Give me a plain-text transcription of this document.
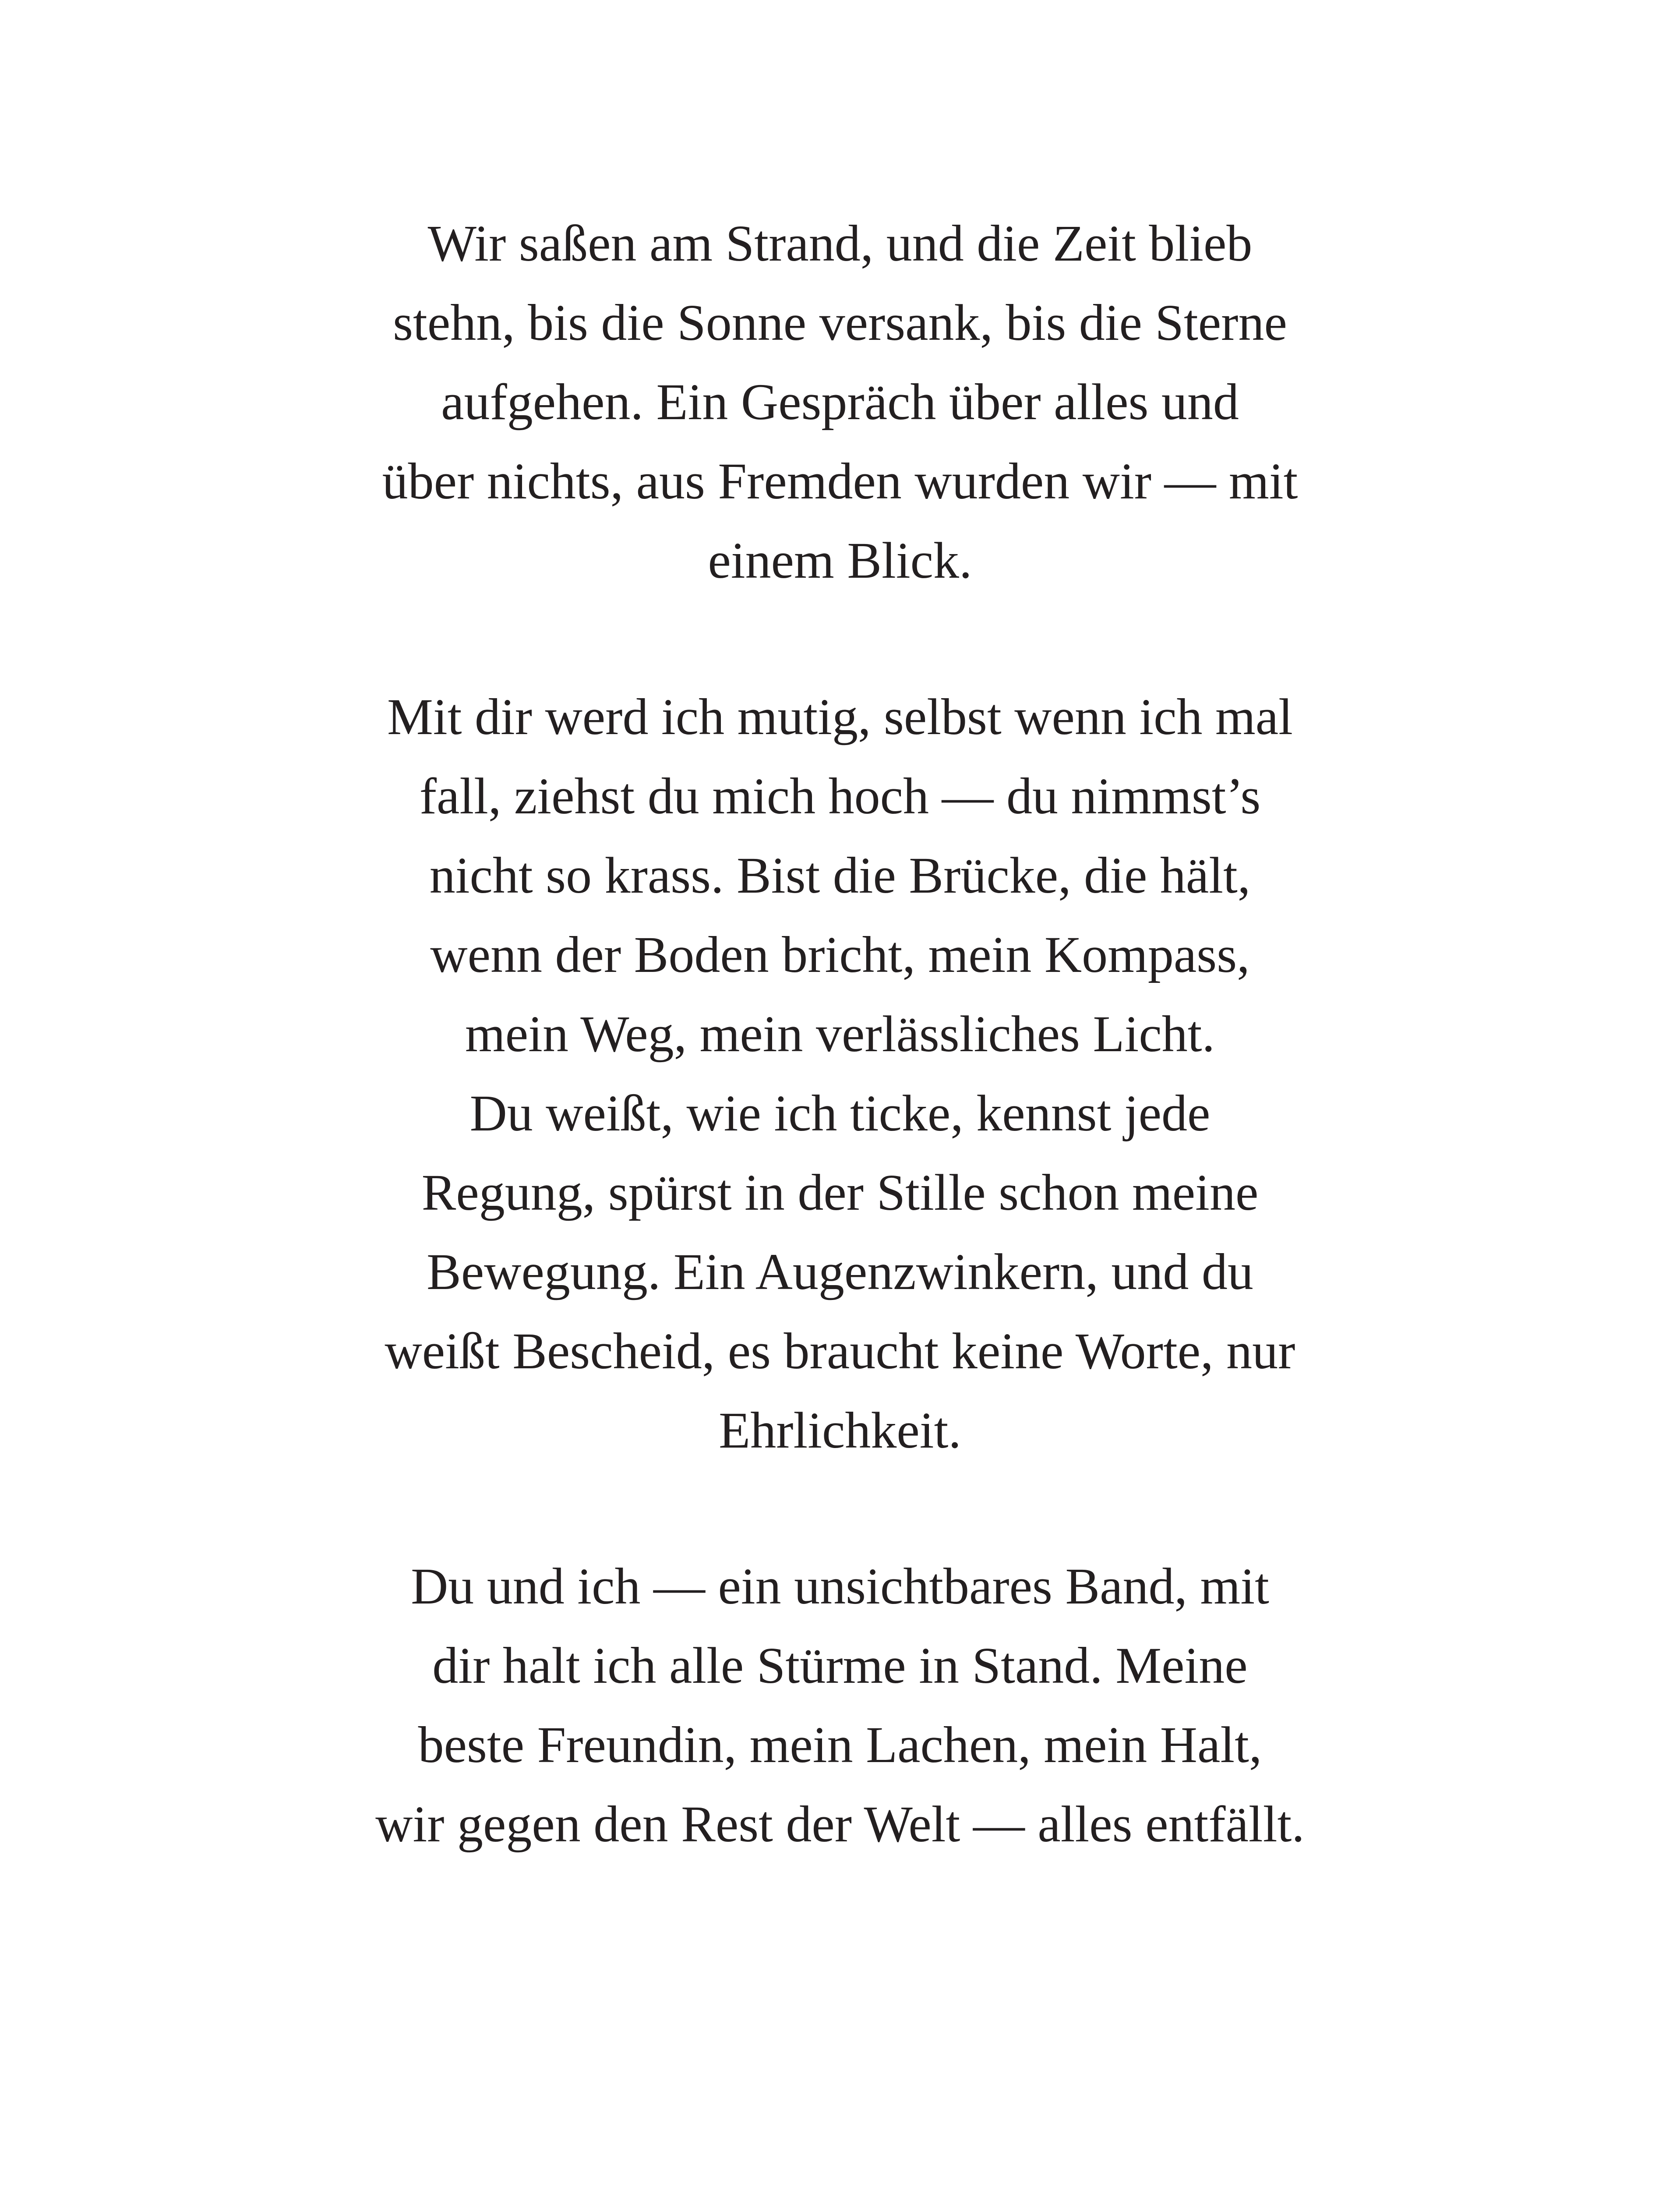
Wir saßen am Strand, und die Zeit blieb
stehn, bis die Sonne versank, bis die Sterne
aufgehen. Ein Gespräch über alles und
über nichts, aus Fremden wurden wir — mit
einem Blick.
Mit dir werd ich mutig, selbst wenn ich mal
fall, ziehst du mich hoch — du nimmst’s
nicht so krass. Bist die Brücke, die hält,
wenn der Boden bricht, mein Kompass,
mein Weg, mein verlässliches Licht.
Du weißt, wie ich ticke, kennst jede
Regung, spürst in der Stille schon meine
Bewegung. Ein Augenzwinkern, und du
weißt Bescheid, es braucht keine Worte, nur
Ehrlichkeit.
Du und ich — ein unsichtbares Band, mit
dir halt ich alle Stürme in Stand. Meine
beste Freundin, mein Lachen, mein Halt,
wir gegen den Rest der Welt — alles entfällt.
